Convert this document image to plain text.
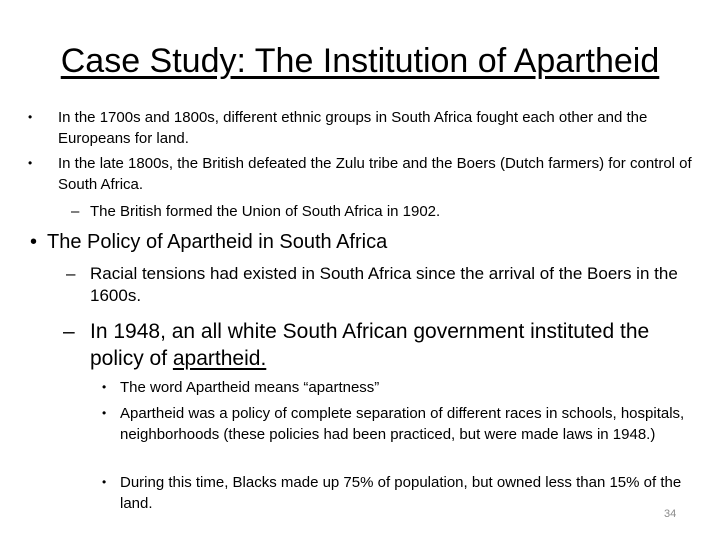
Case Study: The Institution of Apartheid
• In the 1700s and 1800s, different ethnic groups in South Africa fought each other and the Europeans for land.
• In the late 1800s, the British defeated the Zulu tribe and the Boers (Dutch farmers) for control of South Africa.
– The British formed the Union of South Africa in 1902.
• The Policy of Apartheid in South Africa
– Racial tensions had existed in South Africa since the arrival of the Boers in the 1600s.
– In 1948, an all white South African government instituted the policy of apartheid.
• The word Apartheid means “apartness”
• Apartheid was a policy of complete separation of different races in schools, hospitals, neighborhoods (these policies had been practiced, but were made laws in 1948.)
• During this time, Blacks made up 75% of population, but owned less than 15% of the land.
34
